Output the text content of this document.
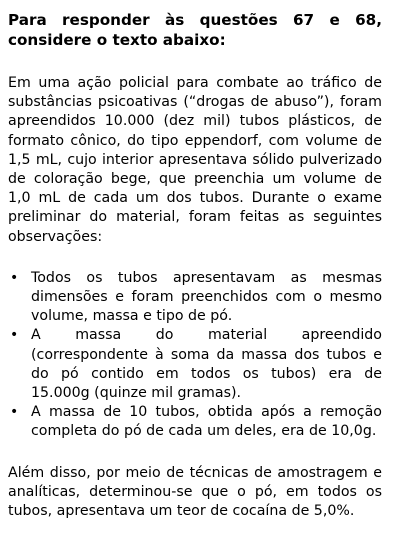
Para responder às questões 67 e 68, considere o texto abaixo:

Em uma ação policial para combate ao tráfico de substâncias psicoativas (“drogas de abuso”), foram apreendidos 10.000 (dez mil) tubos plásticos, de formato cônico, do tipo eppendorf, com volume de 1,5 mL, cujo interior apresentava sólido pulverizado de coloração bege, que preenchia um volume de 1,0 mL de cada um dos tubos. Durante o exame preliminar do material, foram feitas as seguintes observações:

• Todos os tubos apresentavam as mesmas dimensões e foram preenchidos com o mesmo volume, massa e tipo de pó.
• A massa do material apreendido (correspondente à soma da massa dos tubos e do pó contido em todos os tubos) era de 15.000g (quinze mil gramas).
• A massa de 10 tubos, obtida após a remoção completa do pó de cada um deles, era de 10,0g.

Além disso, por meio de técnicas de amostragem e analíticas, determinou-se que o pó, em todos os tubos, apresentava um teor de cocaína de 5,0%.
